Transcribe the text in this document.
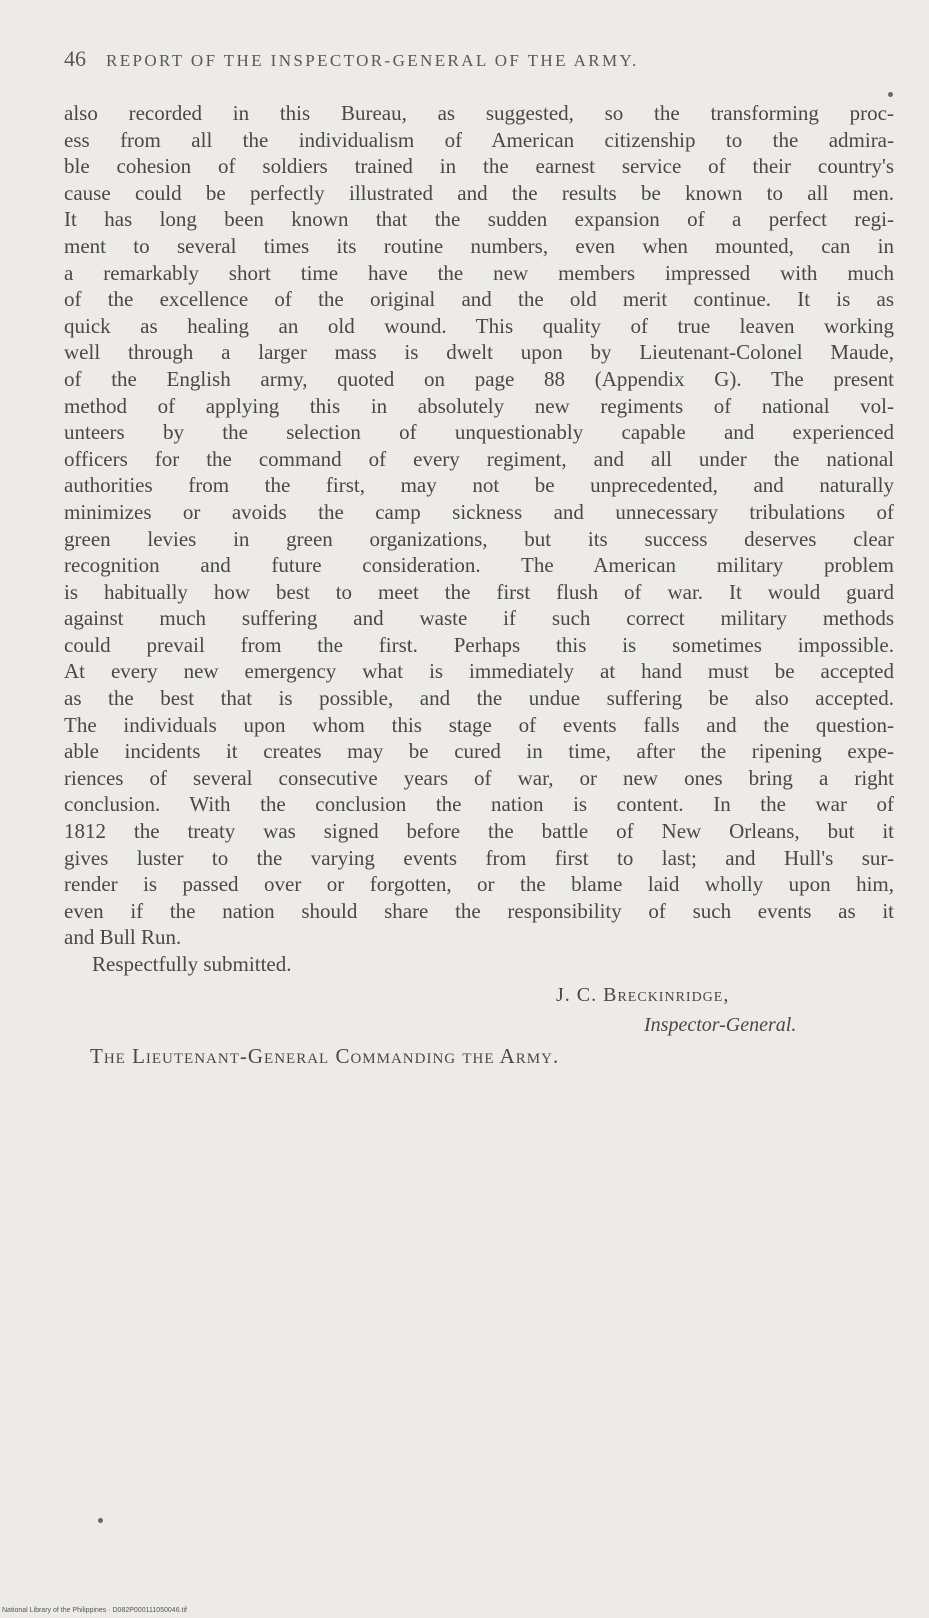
46 REPORT OF THE INSPECTOR-GENERAL OF THE ARMY.
also recorded in this Bureau, as suggested, so the transforming proc-
ess from all the individualism of American citizenship to the admira-
ble cohesion of soldiers trained in the earnest service of their country's
cause could be perfectly illustrated and the results be known to all men.
It has long been known that the sudden expansion of a perfect regi-
ment to several times its routine numbers, even when mounted, can in
a remarkably short time have the new members impressed with much
of the excellence of the original and the old merit continue. It is as
quick as healing an old wound. This quality of true leaven working
well through a larger mass is dwelt upon by Lieutenant-Colonel Maude,
of the English army, quoted on page 88 (Appendix G). The present
method of applying this in absolutely new regiments of national vol-
unteers by the selection of unquestionably capable and experienced
officers for the command of every regiment, and all under the national
authorities from the first, may not be unprecedented, and naturally
minimizes or avoids the camp sickness and unnecessary tribulations of
green levies in green organizations, but its success deserves clear
recognition and future consideration. The American military problem
is habitually how best to meet the first flush of war. It would guard
against much suffering and waste if such correct military methods
could prevail from the first. Perhaps this is sometimes impossible.
At every new emergency what is immediately at hand must be accepted
as the best that is possible, and the undue suffering be also accepted.
The individuals upon whom this stage of events falls and the question-
able incidents it creates may be cured in time, after the ripening expe-
riences of several consecutive years of war, or new ones bring a right
conclusion. With the conclusion the nation is content. In the war of
1812 the treaty was signed before the battle of New Orleans, but it
gives luster to the varying events from first to last; and Hull's sur-
render is passed over or forgotten, or the blame laid wholly upon him,
even if the nation should share the responsibility of such events as it
and Bull Run.
Respectfully submitted.
J. C. Breckinridge,
Inspector-General.
The Lieutenant-General Commanding the Army.
National Library of the Philippines · D082P000111050046.tif
